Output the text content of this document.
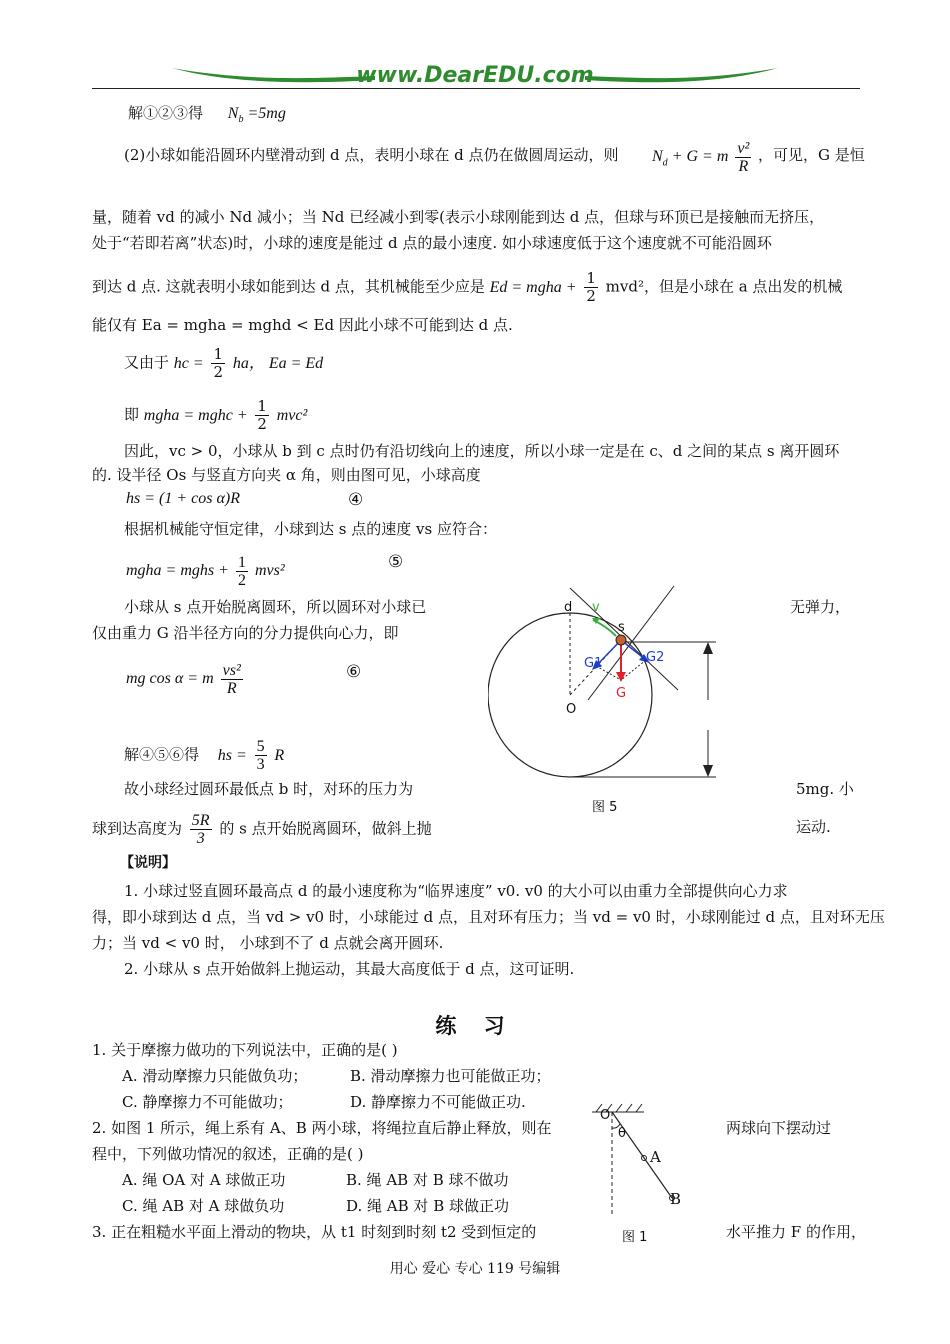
www.DearEDU.com
解①②③得 $N_b =5mg$
(2)小球如能沿圆环内壁滑动到 d 点，表明小球在 d 点仍在做圆周运动，则	$N_d + G = m \frac{\text{v²}}{R}$ ，可见，G 是恒
量，随着 vd 的减小 Nd 减小；当 Nd 已经减小到零(表示小球刚能到达 d 点，但球与环顶已是接触而无挤压，
处于“若即若离”状态)时，小球的速度是能过 d 点的最小速度. 如小球速度低于这个速度就不可能沿圆环
到达 d 点. 这就表明小球如能到达 d 点，其机械能至少应是 Ed = mgha + $\frac{1}{2} mvd^2$，但是小球在 a 点出发的机械
能仅有 Ea = mgha = mghd < Ed 因此小球不可能到达 d 点.
又由于 hc = $\frac{1}{2}$ ha， Ea = Ed
即 mgha = mghc + $\frac{1}{2} mvc^2$
因此，vc > 0，小球从 b 到 c 点时仍有沿切线向上的速度，所以小球一定是在 c、d 之间的某点 s 离开圆环
的. 设半径 Os 与竖直方向夹 α 角，则由图可见，小球高度
hs = (1 + cos α)R	④
根据机械能守恒定律，小球到达 s 点的速度 vs 应符合：
mgha = mghs + $\frac{1}{2} mvs^2$	⑤
小球从 s 点开始脱离圆环，所以圆环对小球已	无弹力，
仅由重力 G 沿半径方向的分力提供向心力，即
mg cos α = m $\frac{\text{vs²}}{R}$	⑥
解④⑤⑥得 hs = $\frac{5}{3}$ R
故小球经过圆环最低点 b 时，对环的压力为	5mg. 小
球到达高度为 $\frac{5R}{3}$ 的 s 点开始脱离圆环，做斜上抛	运动.
d v
s
G1	G2
G
O
图 5
【说明】
1. 小球过竖直圆环最高点 d 的最小速度称为“临界速度” v0. v0 的大小可以由重力全部提供向心力求
得，即小球到达 d 点，当 vd > v0 时，小球能过 d 点，且对环有压力；当 vd = v0 时，小球刚能过 d 点，且对环无压
力；当 vd < v0 时， 小球到不了 d 点就会离开圆环.
2. 小球从 s 点开始做斜上抛运动，其最大高度低于 d 点，这可证明.
练 习
1. 关于摩擦力做功的下列说法中，正确的是( )
A. 滑动摩擦力只能做负功；	B. 滑动摩擦力也可能做正功；
C. 静摩擦力不可能做功；	D. 静摩擦力不可能做正功.
2. 如图 1 所示，绳上系有 A、B 两小球，将绳拉直后静止释放，则在	两球向下摆动过
程中，下列做功情况的叙述，正确的是( )
A. 绳 OA 对 A 球做正功	B. 绳 AB 对 B 球不做功
C. 绳 AB 对 A 球做负功	D. 绳 AB 对 B 球做正功
3. 正在粗糙水平面上滑动的物块，从 t1 时刻到时刻 t2 受到恒定的	水平推力 F 的作用，
O
θ
A
B
图 1
用心 爱心 专心 119 号编辑
